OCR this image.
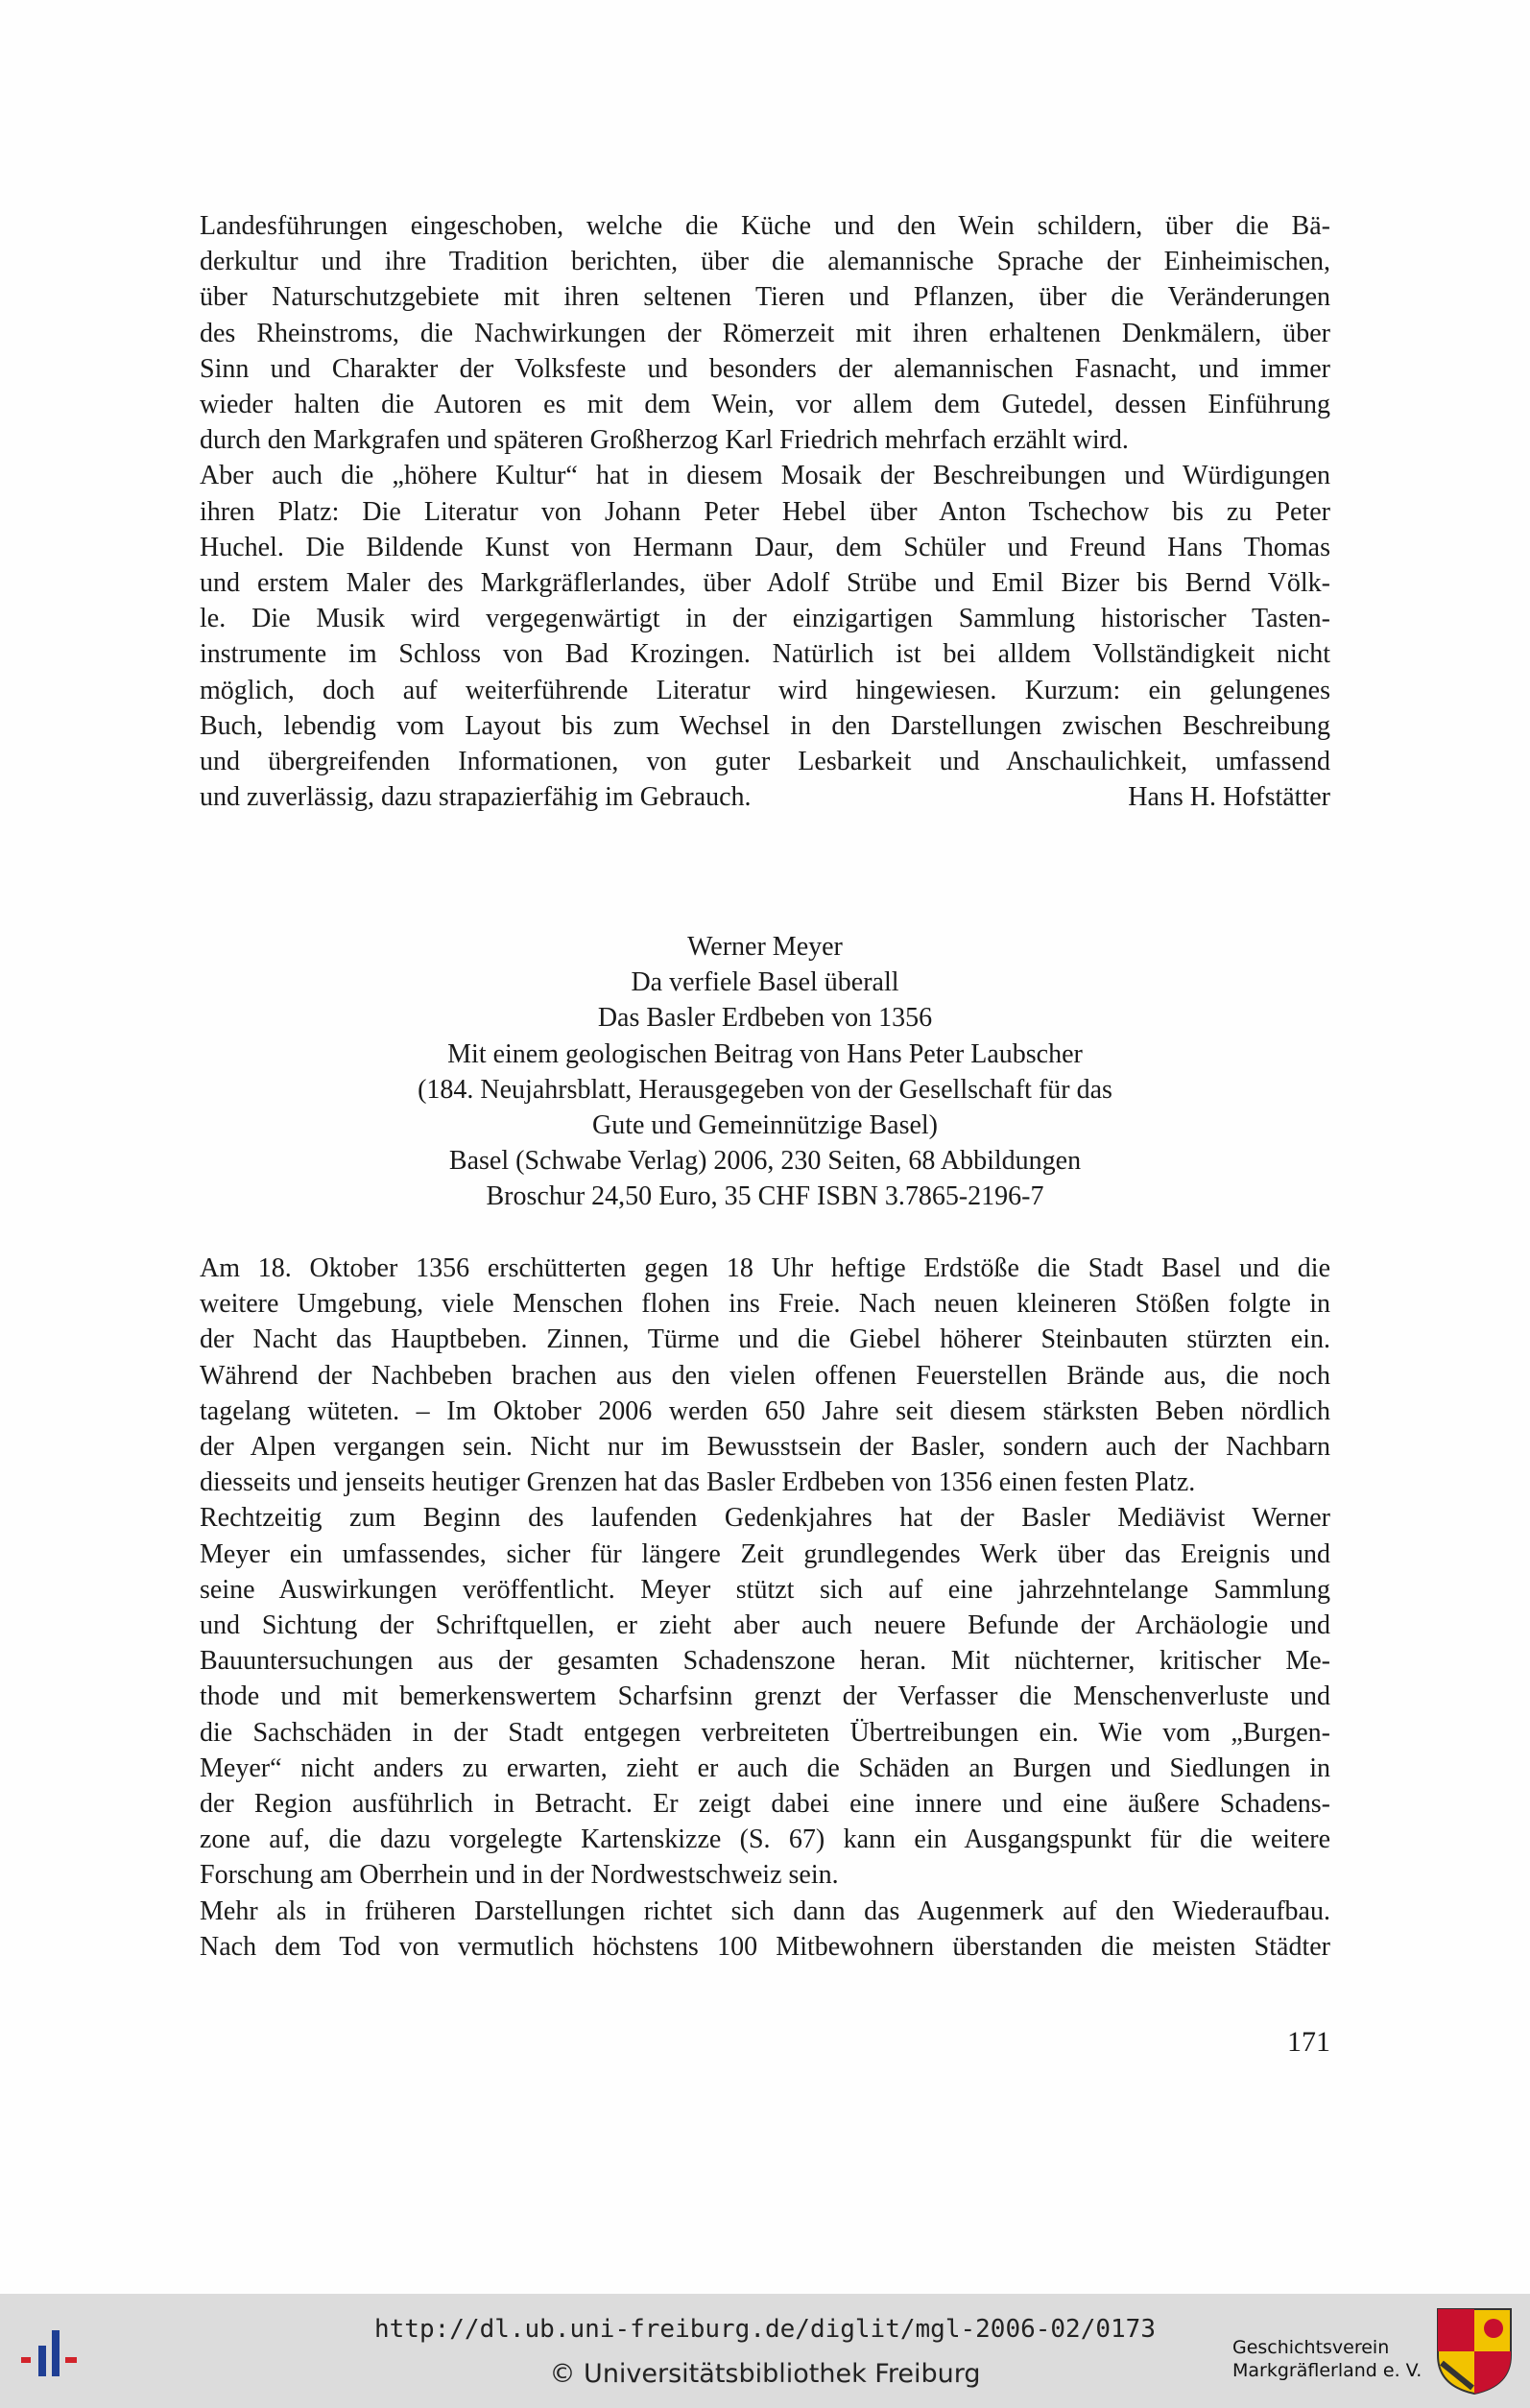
Landesführungen eingeschoben, welche die Küche und den Wein schildern, über die Bä-

derkultur und ihre Tradition berichten, über die alemannische Sprache der Einheimischen,

über Naturschutzgebiete mit ihren seltenen Tieren und Pflanzen, über die Veränderungen

des Rheinstroms, die Nachwirkungen der Römerzeit mit ihren erhaltenen Denkmälern, über

Sinn und Charakter der Volksfeste und besonders der alemannischen Fasnacht, und immer

wieder halten die Autoren es mit dem Wein, vor allem dem Gutedel, dessen Einführung

durch den Markgrafen und späteren Großherzog Karl Friedrich mehrfach erzählt wird.

Aber auch die „höhere Kultur“ hat in diesem Mosaik der Beschreibungen und Würdigungen

ihren Platz: Die Literatur von Johann Peter Hebel über Anton Tschechow bis zu Peter

Huchel. Die Bildende Kunst von Hermann Daur, dem Schüler und Freund Hans Thomas

und erstem Maler des Markgräflerlandes, über Adolf Strübe und Emil Bizer bis Bernd Völk-

le. Die Musik wird vergegenwärtigt in der einzigartigen Sammlung historischer Tasten-

instrumente im Schloss von Bad Krozingen. Natürlich ist bei alldem Vollständigkeit nicht

möglich, doch auf weiterführende Literatur wird hingewiesen. Kurzum: ein gelungenes

Buch, lebendig vom Layout bis zum Wechsel in den Darstellungen zwischen Beschreibung

und übergreifenden Informationen, von guter Lesbarkeit und Anschaulichkeit, umfassend

und zuverlässig, dazu strapazierfähig im Gebrauch.	Hans H. Hofstätter
Werner Meyer
Da verfiele Basel überall
Das Basler Erdbeben von 1356
Mit einem geologischen Beitrag von Hans Peter Laubscher
(184. Neujahrsblatt, Herausgegeben von der Gesellschaft für das
Gute und Gemeinnützige Basel)
Basel (Schwabe Verlag) 2006, 230 Seiten, 68 Abbildungen
Broschur 24,50 Euro, 35 CHF ISBN 3.7865-2196-7

Am 18. Oktober 1356 erschütterten gegen 18 Uhr heftige Erdstöße die Stadt Basel und die

weitere Umgebung, viele Menschen flohen ins Freie. Nach neuen kleineren Stößen folgte in

der Nacht das Hauptbeben. Zinnen, Türme und die Giebel höherer Steinbauten stürzten ein.

Während der Nachbeben brachen aus den vielen offenen Feuerstellen Brände aus, die noch

tagelang wüteten. – Im Oktober 2006 werden 650 Jahre seit diesem stärksten Beben nördlich

der Alpen vergangen sein. Nicht nur im Bewusstsein der Basler, sondern auch der Nachbarn

diesseits und jenseits heutiger Grenzen hat das Basler Erdbeben von 1356 einen festen Platz.

Rechtzeitig zum Beginn des laufenden Gedenkjahres hat der Basler Mediävist Werner

Meyer ein umfassendes, sicher für längere Zeit grundlegendes Werk über das Ereignis und

seine Auswirkungen veröffentlicht. Meyer stützt sich auf eine jahrzehntelange Sammlung

und Sichtung der Schriftquellen, er zieht aber auch neuere Befunde der Archäologie und

Bauuntersuchungen aus der gesamten Schadenszone heran. Mit nüchterner, kritischer Me-

thode und mit bemerkenswertem Scharfsinn grenzt der Verfasser die Menschenverluste und

die Sachschäden in der Stadt entgegen verbreiteten Übertreibungen ein. Wie vom „Burgen-

Meyer“ nicht anders zu erwarten, zieht er auch die Schäden an Burgen und Siedlungen in

der Region ausführlich in Betracht. Er zeigt dabei eine innere und eine äußere Schadens-

zone auf, die dazu vorgelegte Kartenskizze (S. 67) kann ein Ausgangspunkt für die weitere

Forschung am Oberrhein und in der Nordwestschweiz sein.

Mehr als in früheren Darstellungen richtet sich dann das Augenmerk auf den Wiederaufbau.

Nach dem Tod von vermutlich höchstens 100 Mitbewohnern überstanden die meisten Städter

171
http://dl.ub.uni-freiburg.de/diglit/mgl-2006-02/0173
© Universitätsbibliothek Freiburg
Geschichtsverein
Markgräflerland e. V.
